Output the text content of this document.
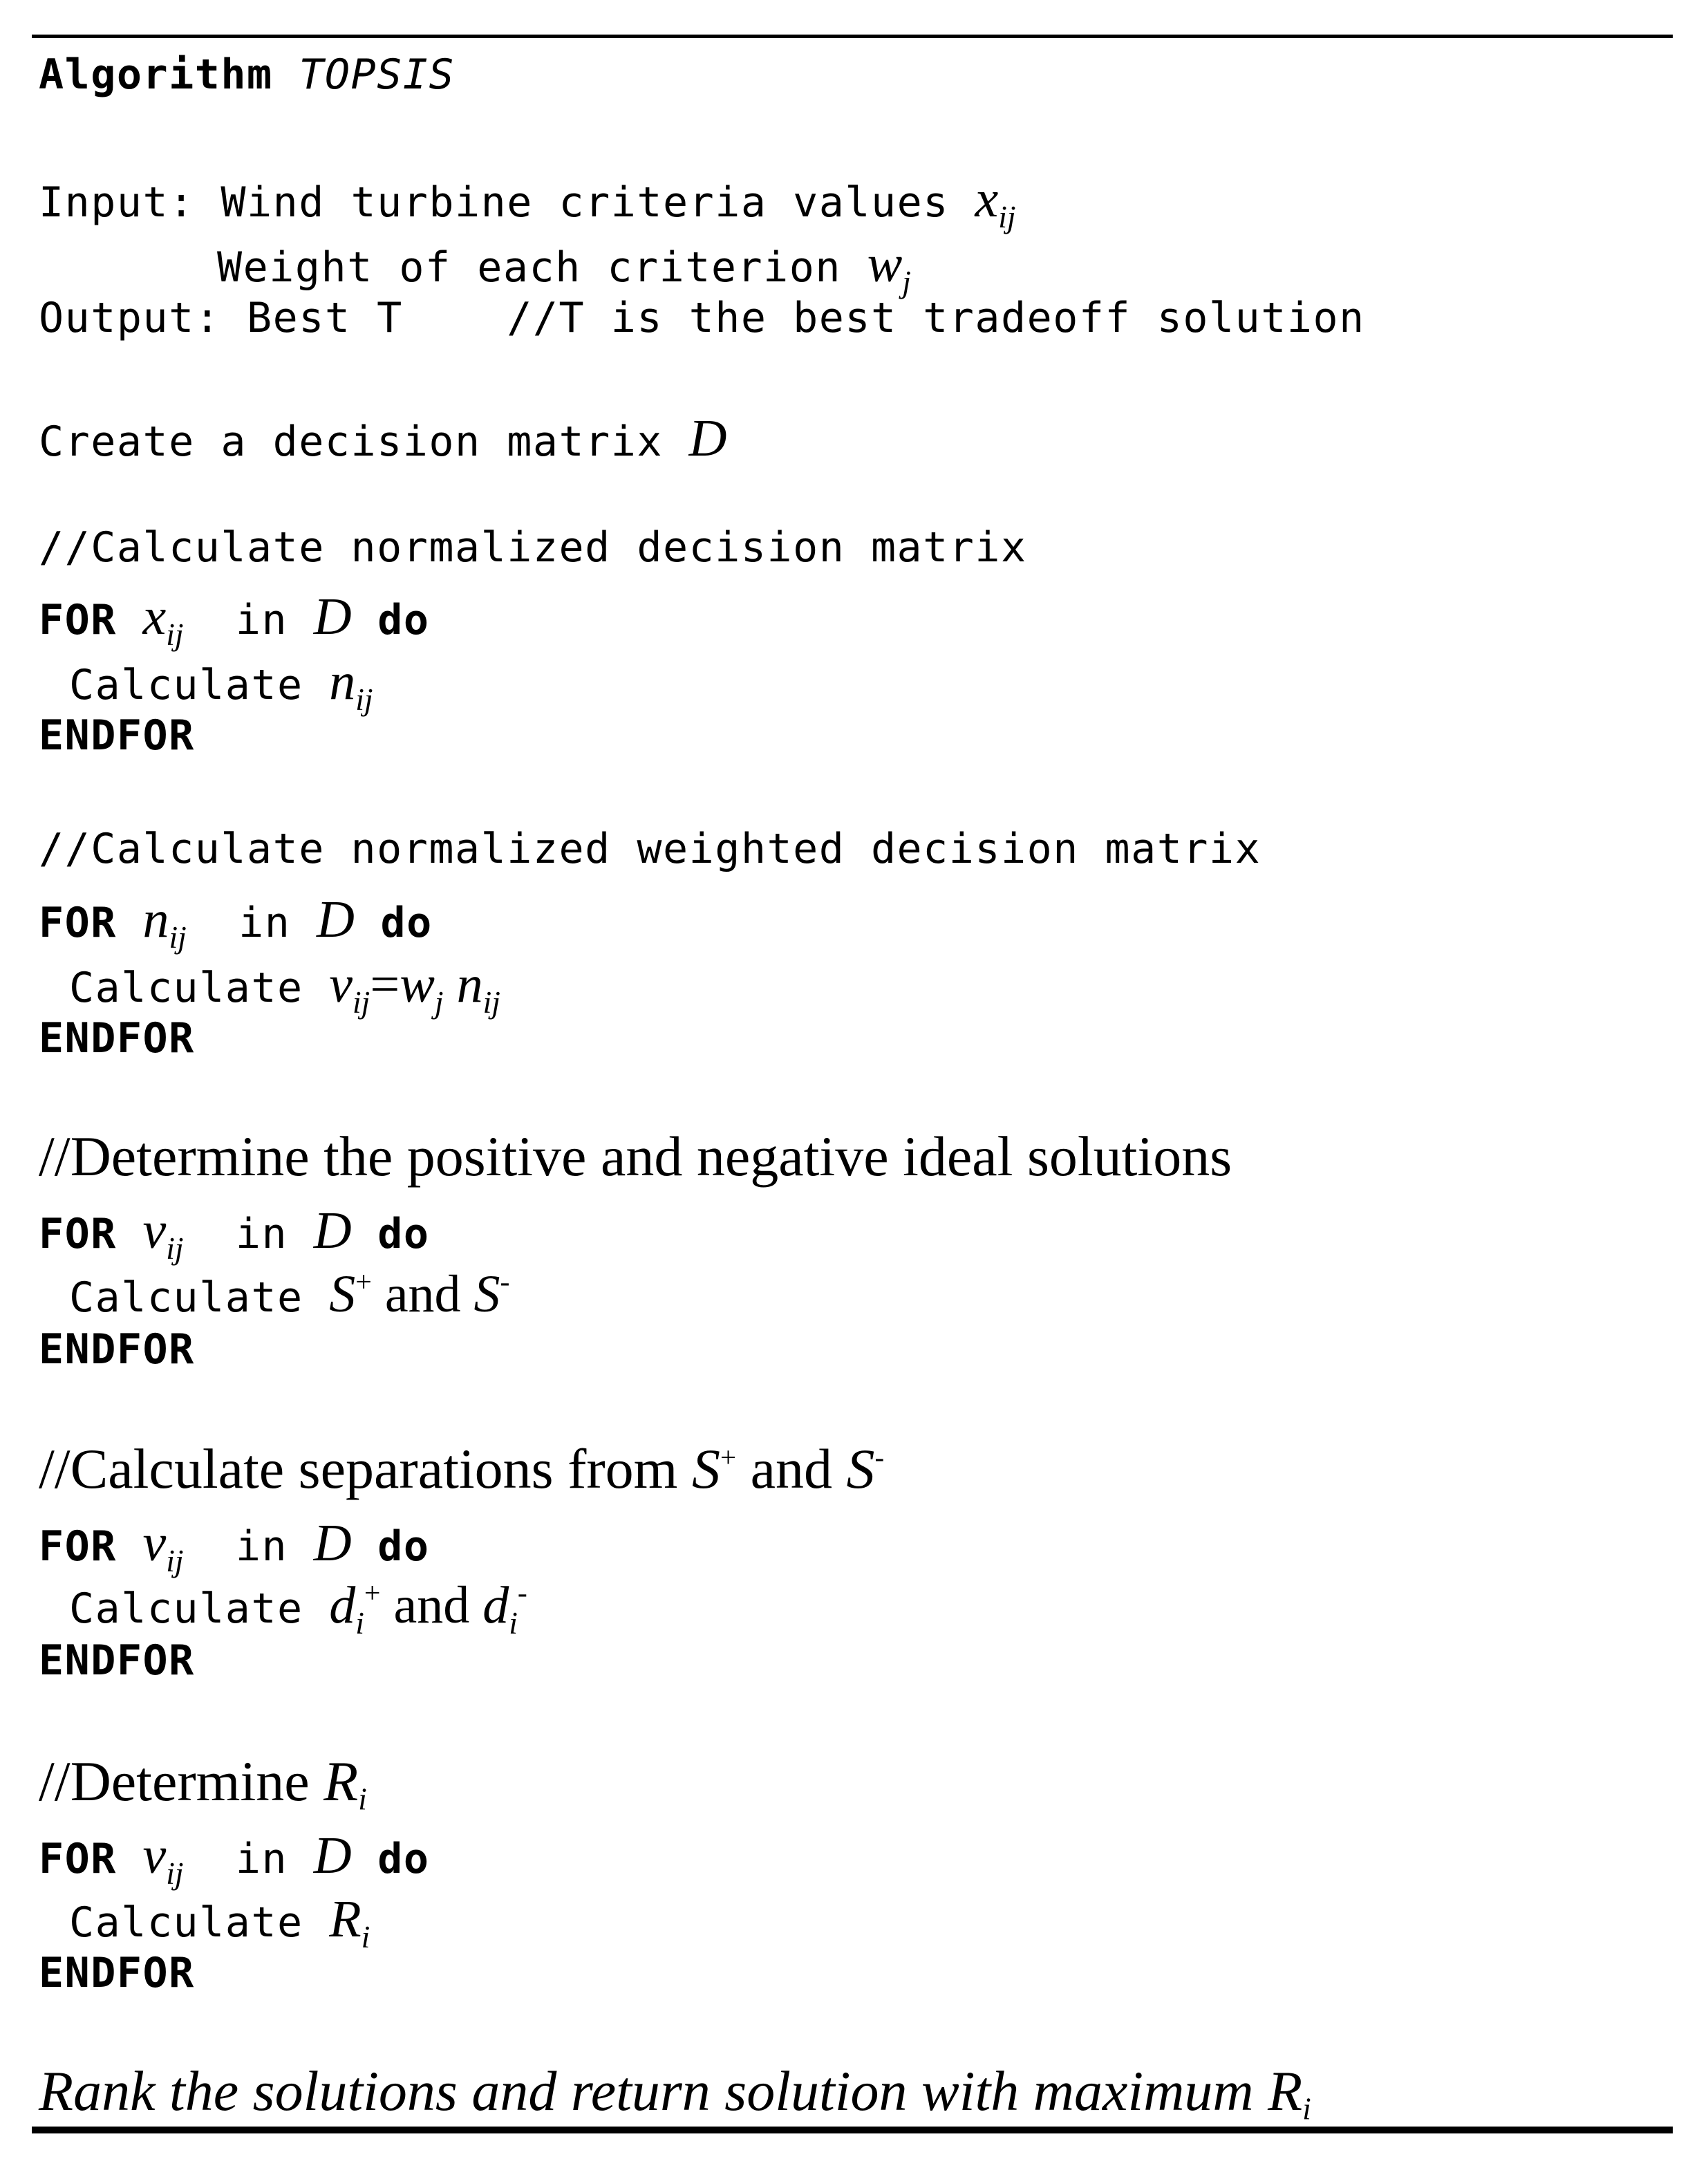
Algorithm TOPSIS
Input: Wind turbine criteria values $x_{ij}$
Weight of each criterion $w_j$
Output: Best T    //T is the best tradeoff solution
Create a decision matrix D
//Calculate normalized decision matrix
FOR $x_{ij}$ in D do
Calculate $n_{ij}$
ENDFOR
//Calculate normalized weighted decision matrix
FOR $n_{ij}$ in D do
Calculate $v_{ij}=w_j$ $n_{ij}$
ENDFOR
//Determine the positive and negative ideal solutions
FOR $v_{ij}$ in D do
Calculate S+ and S-
ENDFOR
//Calculate separations from S+ and S-
FOR $v_{ij}$ in D do
Calculate $d_i^+$ and $d_i^-$
ENDFOR
//Determine $R_i$
FOR $v_{ij}$ in D do
Calculate $R_i$
ENDFOR
Rank the solutions and return solution with maximum $R_i$
